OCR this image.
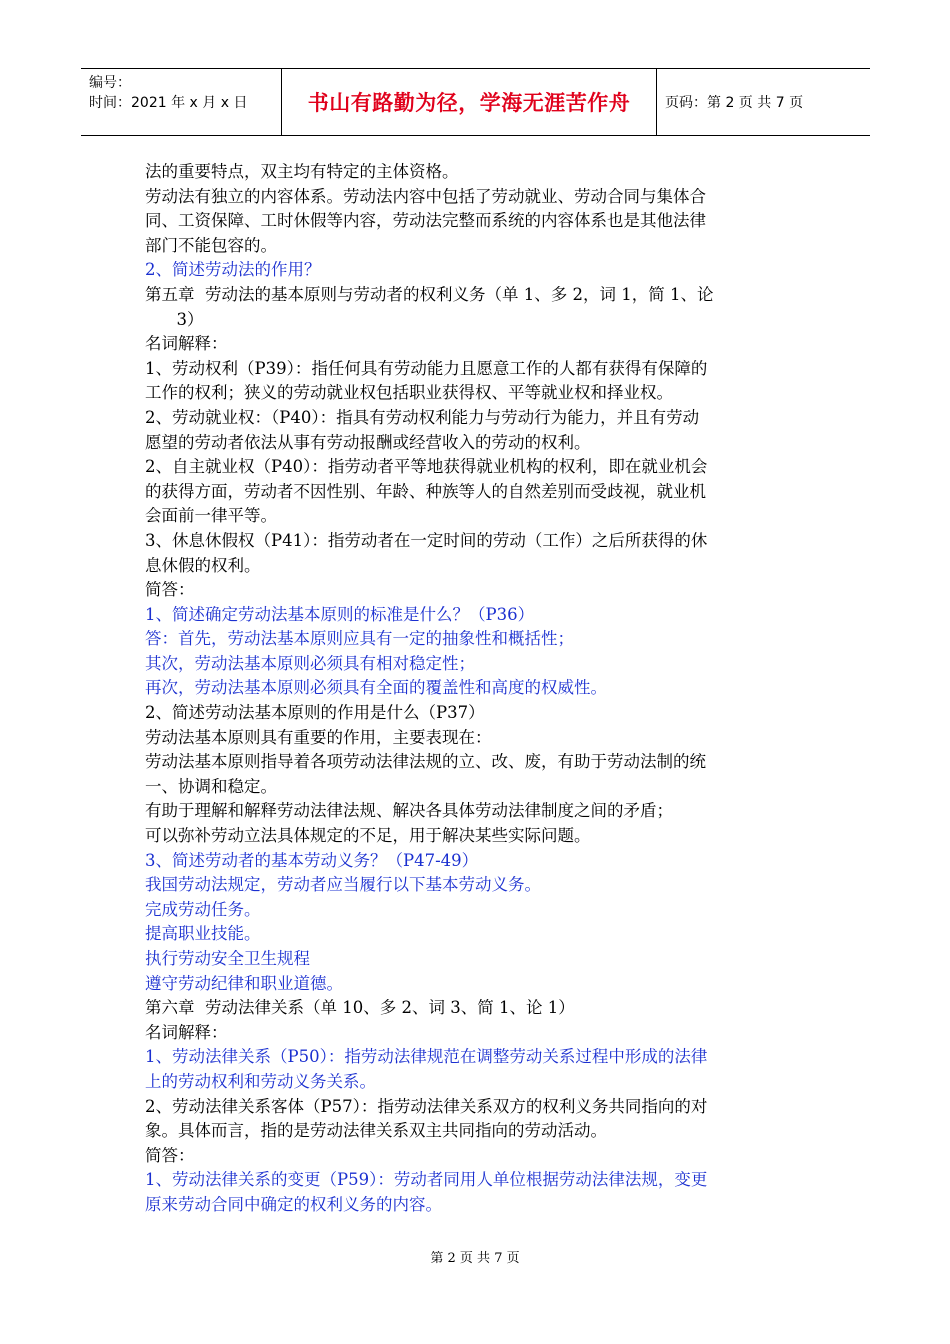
编号：
时间：2021 年 x 月 x 日	书山有路勤为径，学海无涯苦作舟	页码：第 2 页 共 7 页
法的重要特点，双主均有特定的主体资格。
劳动法有独立的内容体系。劳动法内容中包括了劳动就业、劳动合同与集体合
同、工资保障、工时休假等内容，劳动法完整而系统的内容体系也是其他法律
部门不能包容的。
2、简述劳动法的作用？
第五章  劳动法的基本原则与劳动者的权利义务（单 1、多 2，词 1，简 1、论
3）
名词解释：
1、劳动权利（P39）：指任何具有劳动能力且愿意工作的人都有获得有保障的
工作的权利；狭义的劳动就业权包括职业获得权、平等就业权和择业权。
2、劳动就业权：（P40）：指具有劳动权利能力与劳动行为能力，并且有劳动
愿望的劳动者依法从事有劳动报酬或经营收入的劳动的权利。
2、自主就业权（P40）：指劳动者平等地获得就业机构的权利，即在就业机会
的获得方面，劳动者不因性别、年龄、种族等人的自然差别而受歧视，就业机
会面前一律平等。
3、休息休假权（P41）：指劳动者在一定时间的劳动（工作）之后所获得的休
息休假的权利。
简答：
1、简述确定劳动法基本原则的标准是什么？（P36）
答：首先，劳动法基本原则应具有一定的抽象性和概括性；
其次，劳动法基本原则必须具有相对稳定性；
再次，劳动法基本原则必须具有全面的覆盖性和高度的权威性。
2、简述劳动法基本原则的作用是什么（P37）
劳动法基本原则具有重要的作用，主要表现在：
劳动法基本原则指导着各项劳动法律法规的立、改、废，有助于劳动法制的统
一、协调和稳定。
有助于理解和解释劳动法律法规、解决各具体劳动法律制度之间的矛盾；
可以弥补劳动立法具体规定的不足，用于解决某些实际问题。
3、简述劳动者的基本劳动义务？（P47-49）
我国劳动法规定，劳动者应当履行以下基本劳动义务。
完成劳动任务。
提高职业技能。
执行劳动安全卫生规程
遵守劳动纪律和职业道德。
第六章  劳动法律关系（单 10、多 2、词 3、简 1、论 1）
名词解释：
1、劳动法律关系（P50）：指劳动法律规范在调整劳动关系过程中形成的法律
上的劳动权利和劳动义务关系。
2、劳动法律关系客体（P57）：指劳动法律关系双方的权利义务共同指向的对
象。具体而言，指的是劳动法律关系双主共同指向的劳动活动。
简答：
1、劳动法律关系的变更（P59）：劳动者同用人单位根据劳动法律法规，变更
原来劳动合同中确定的权利义务的内容。
第 2 页 共 7 页
